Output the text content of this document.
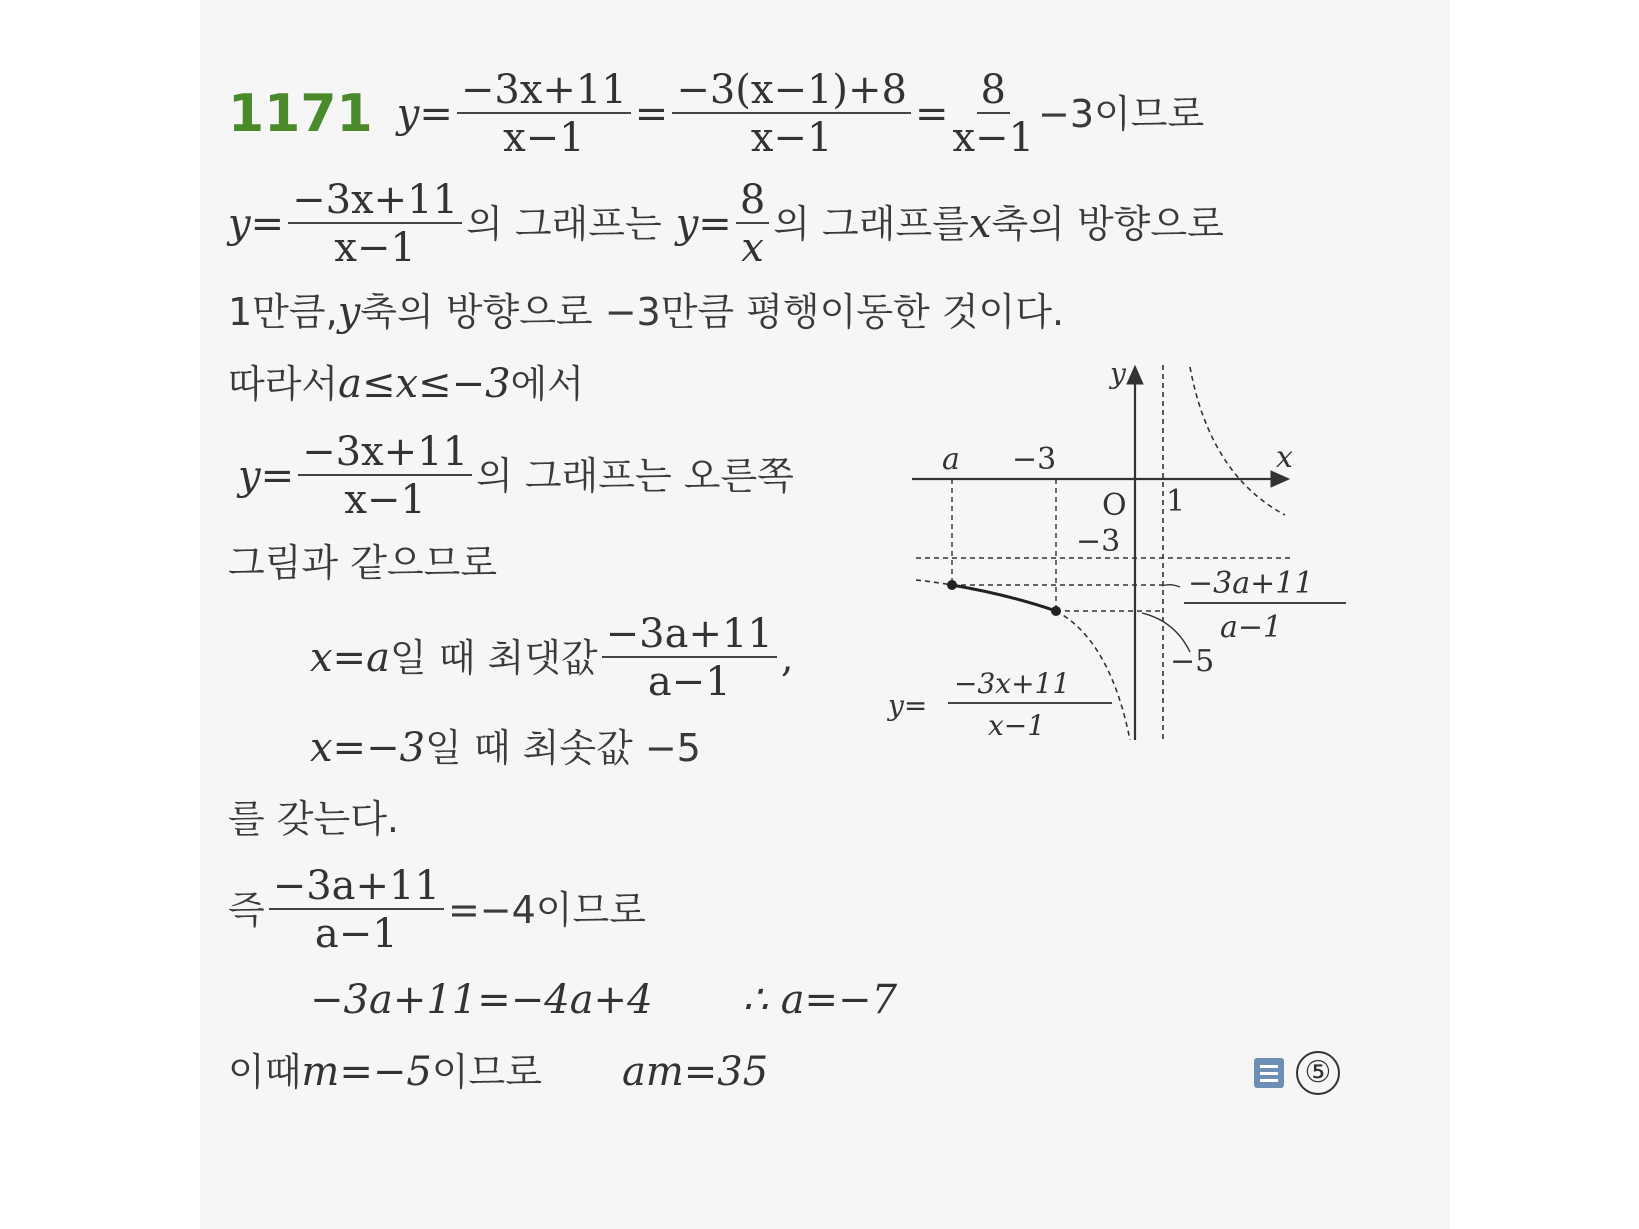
1171 $y= \frac{-3x+11}{x-1} = \frac{-3(x-1)+8}{x-1} = \frac{8}{x-1} -3$이므로
$y= \frac{-3x+11}{x-1}$ 의 그래프는 $y= \frac{8}{x}$ 의 그래프를 x 축의 방향으로
1만큼, y 축의 방향으로 −3만큼 평행이동한 것이다.
따라서 a≤x≤−3 에서
$y= \frac{-3x+11}{x-1}$ 의 그래프는 오른쪽
그림과 같으므로
x=a 일 때 최댓값 $\frac{-3a+11}{a-1}$ ,
x=−3 일 때 최솟값 −5
를 갖는다.
즉 $\frac{-3a+11}{a-1} =-4$이므로
−3a+11=−4a+4 ∴ a=−7
이때 m=−5 이므로 am=35	⑤
y
x
a −3
O 1
−3
−3a+11
a−1
−5
y=
−3x+11
x−1
